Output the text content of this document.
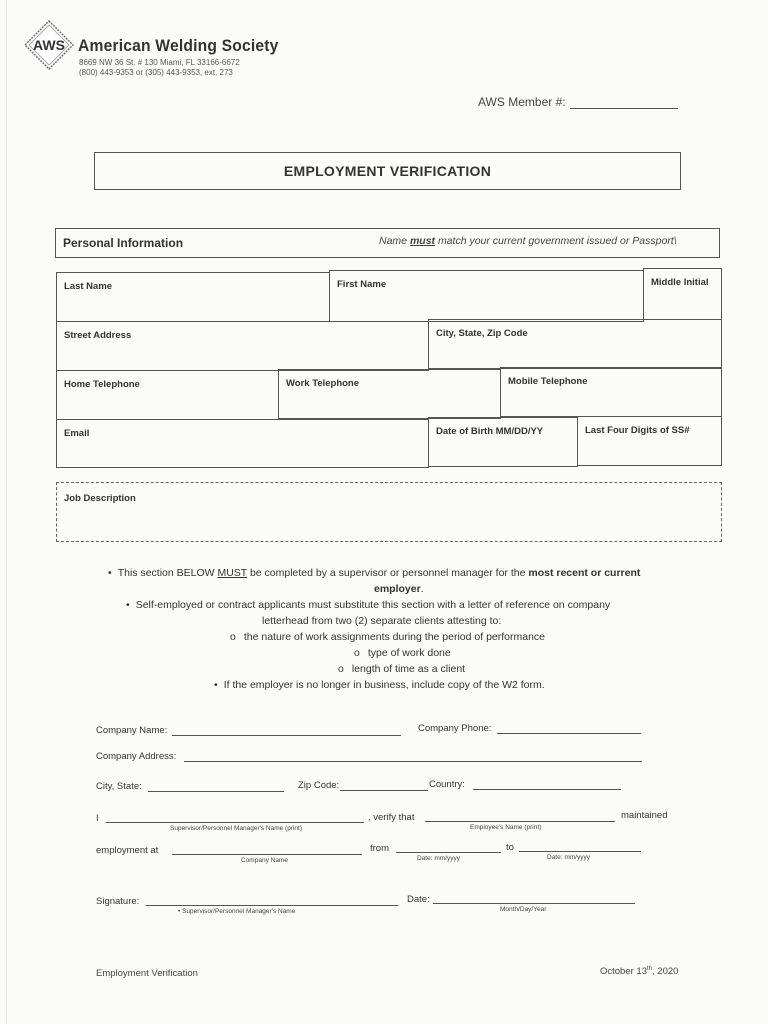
AWS American Welding Society
8669 NW 36 St. # 130 Miami, FL 33166-6672
(800) 443-9353 or (305) 443-9353, ext. 273
AWS Member #:
EMPLOYMENT VERIFICATION
Personal Information	Name must match your current government issued or Passport\
Last Name	First Name	Middle Initial
Street Address	City, State, Zip Code
Home Telephone	Work Telephone	Mobile Telephone
Email	Date of Birth MM/DD/YY	Last Four Digits of SS#
Job Description
• This section BELOW MUST be completed by a supervisor or personnel manager for the most recent or current
employer.
• Self-employed or contract applicants must substitute this section with a letter of reference on company
letterhead from two (2) separate clients attesting to:
o the nature of work assignments during the period of performance
o type of work done
o length of time as a client
• If the employer is no longer in business, include copy of the W2 form.
Company Name:	Company Phone:
Company Address:
City, State:	Zip Code:	Country:
I
Supervisor/Personnel Manager's Name (print)
, verify that
Employee's Name (print)
maintained
employment at
Company Name
from
Date: mm/yyyy
to
Date: mm/yyyy
Signature:
• Supervisor/Personnel Manager's Name
Date:
Month/Day/Year
Employment Verification	October 13th, 2020
